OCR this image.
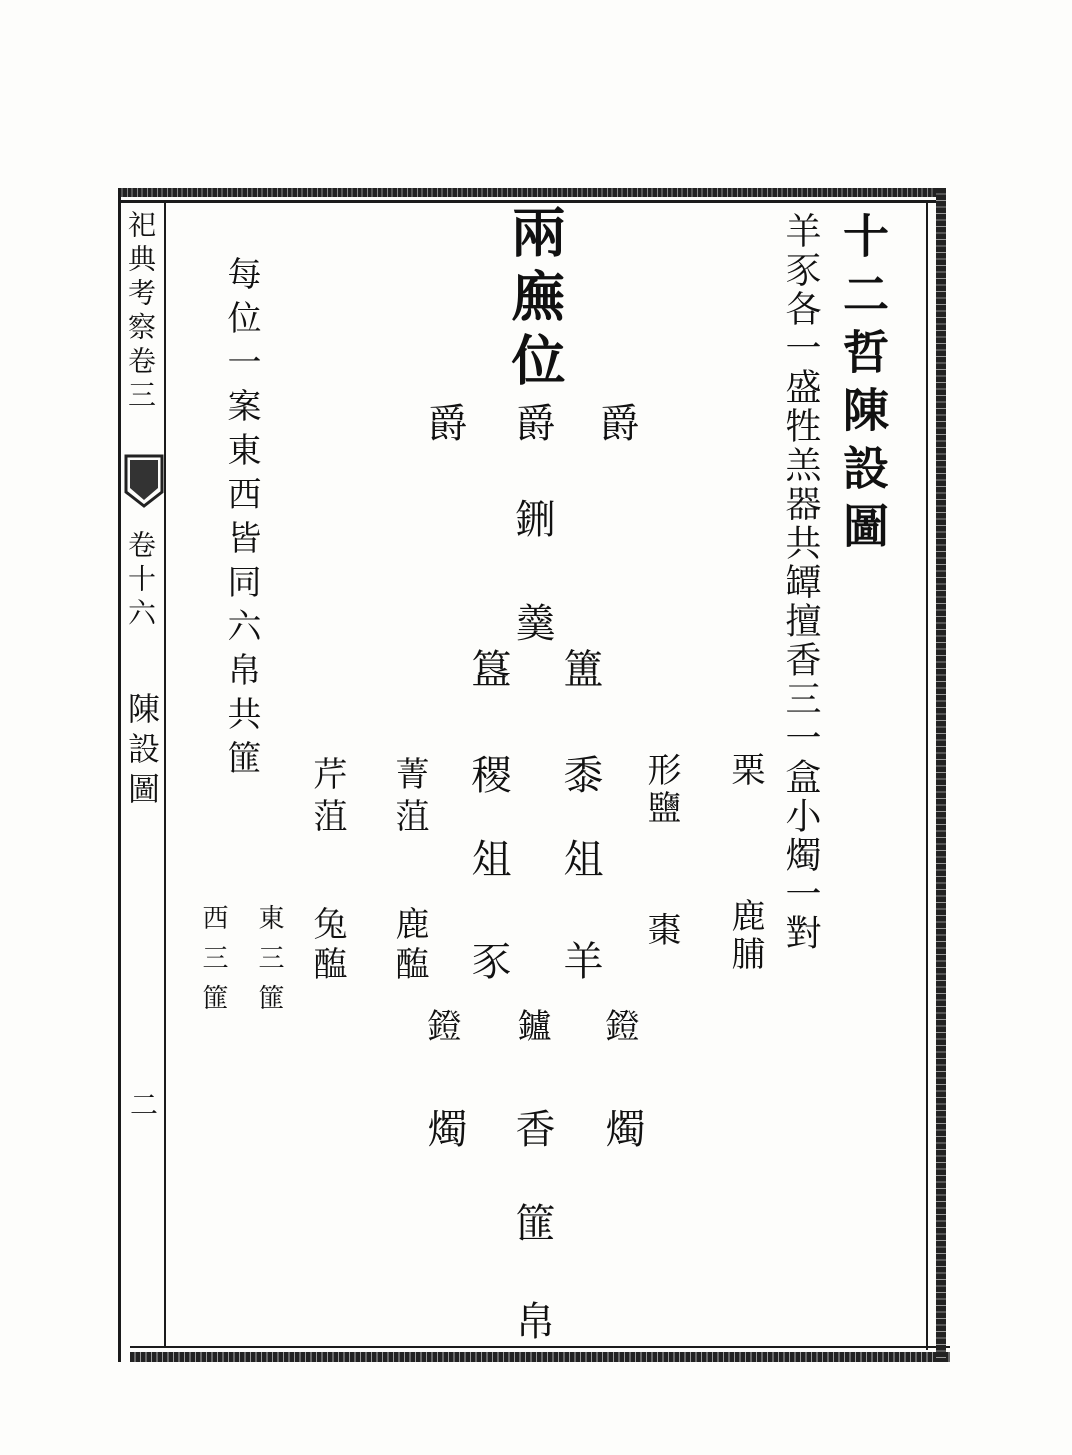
祀典考察卷三
卷十六
陳設圖
二
十二哲陳設圖
羊豕各一盛牲羔器共罈擅香三一盒小燭一對
兩廡位
爵
爵
爵
鉶
羹
簠
簋
栗
鹿脯
形鹽
棗
黍俎
羊
稷俎
豕
菁菹
鹿醢
芹菹
兔醢
鐙
鑪
鐙
燭
香
燭
篚
帛
每位一案東西皆同六帛共篚
東三篚
西三篚
